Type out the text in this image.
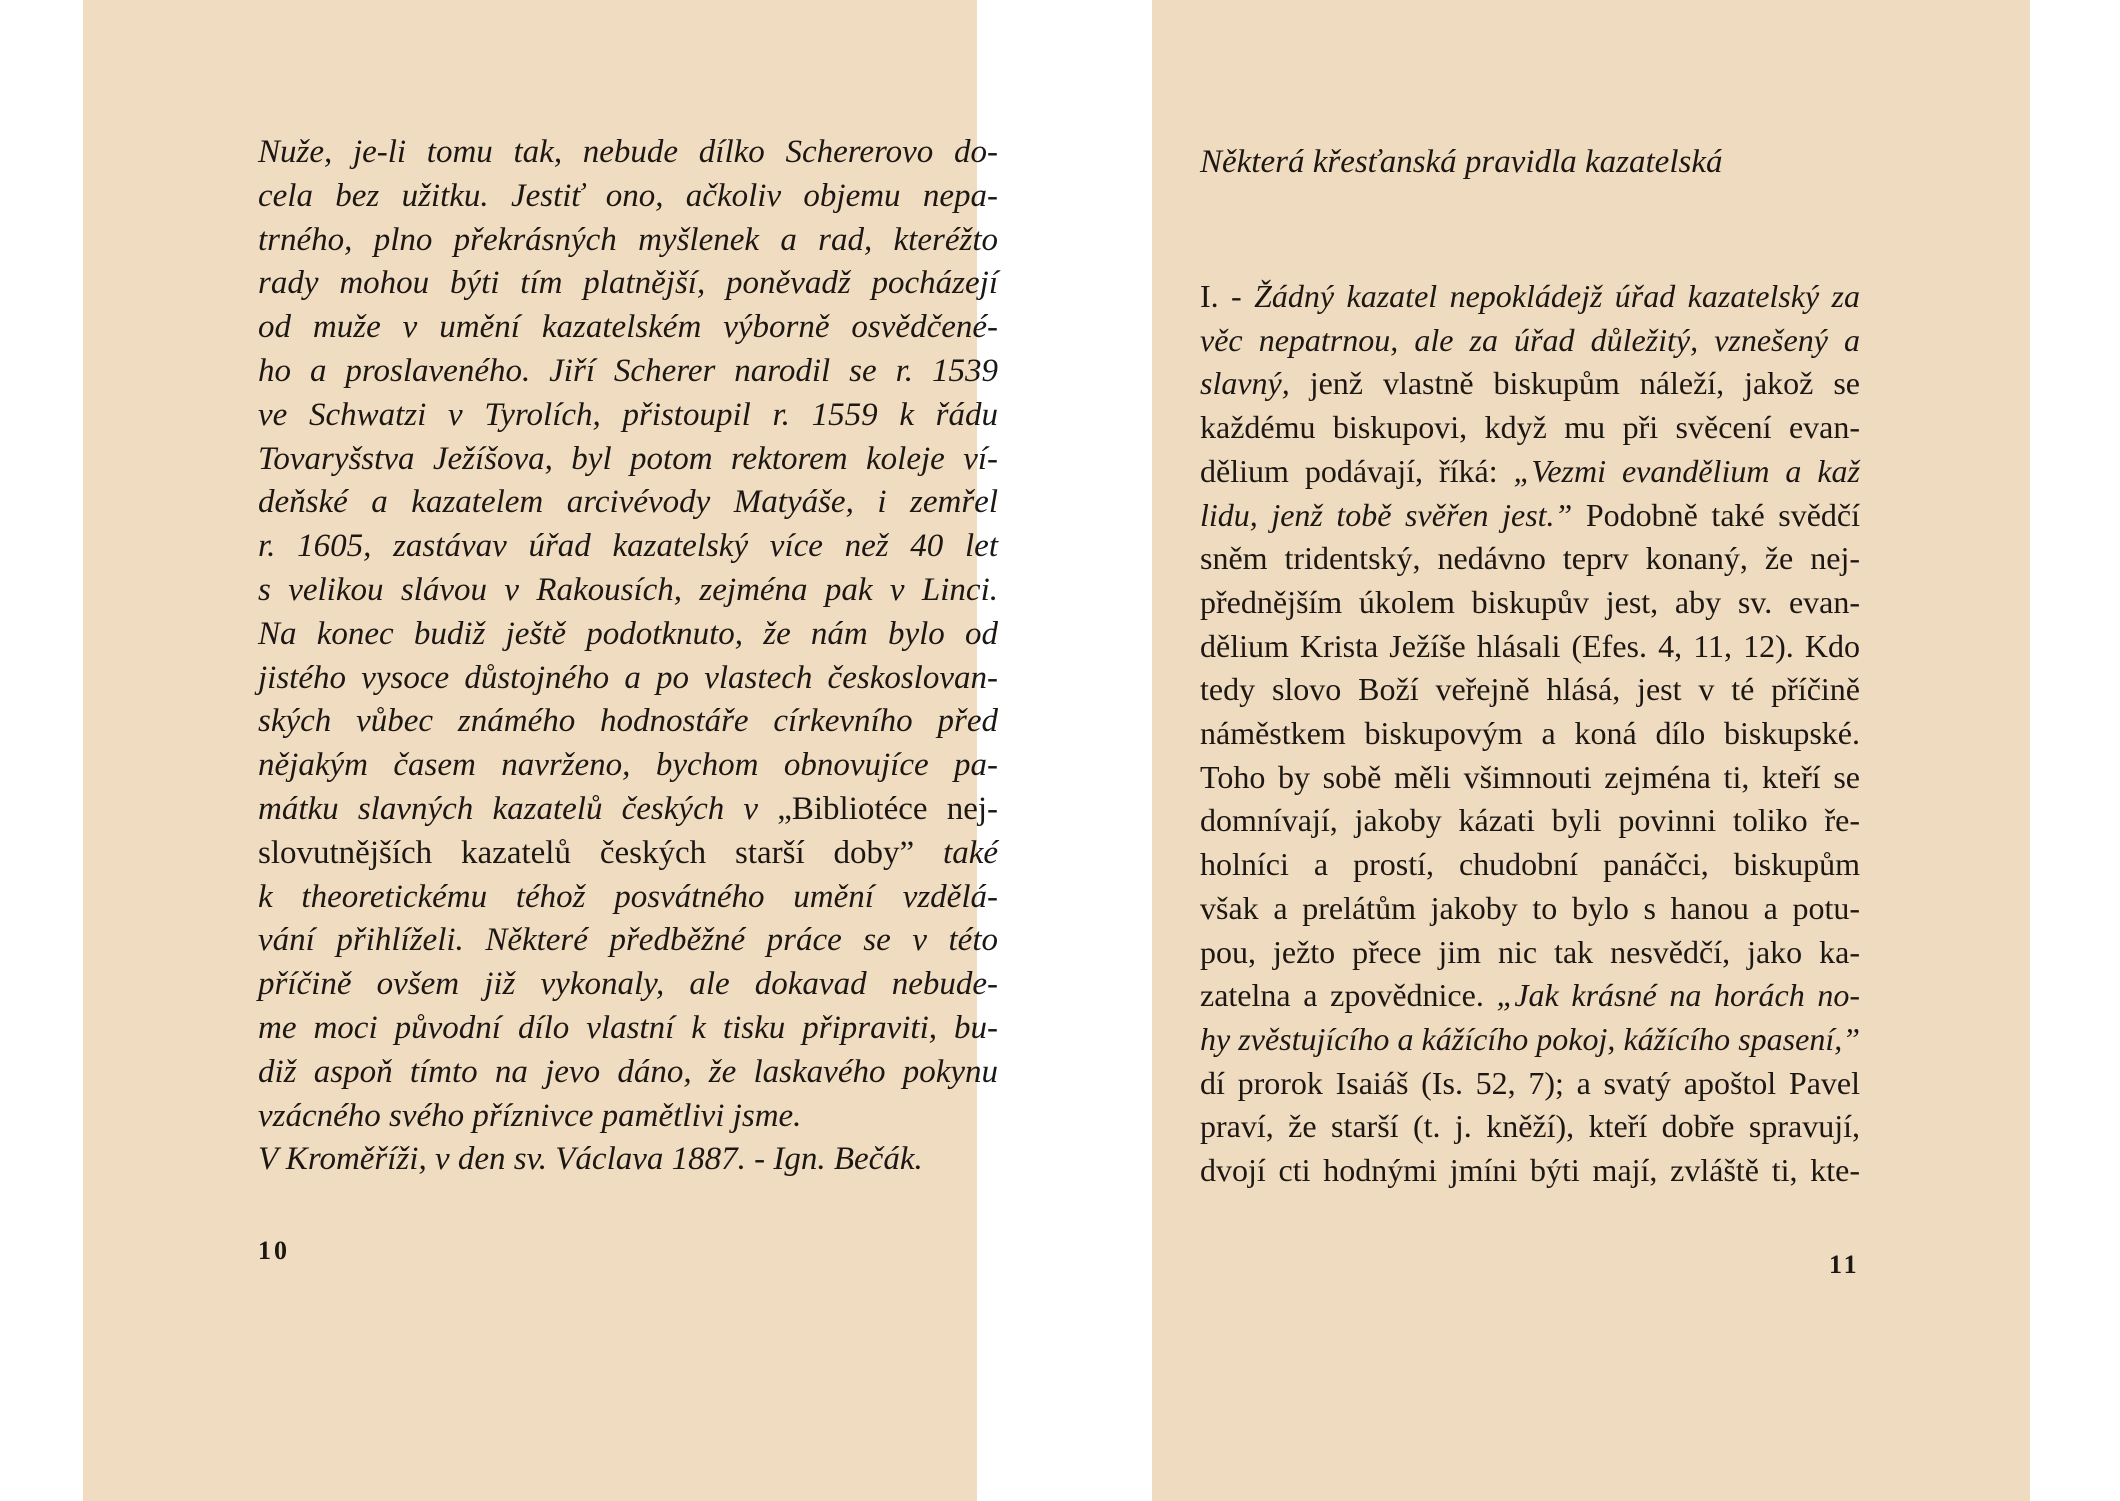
Nuže, je-li tomu tak, nebude dílko Schererovo do-
cela bez užitku. Jestiť ono, ačkoliv objemu nepa-
trného, plno překrásných myšlenek a rad, kteréžto
rady mohou býti tím platnější, poněvadž pocházejí
od muže v umění kazatelském výborně osvědčené-
ho a proslaveného. Jiří Scherer narodil se r. 1539
ve Schwatzi v Tyrolích, přistoupil r. 1559 k řádu
Tovaryšstva Ježíšova, byl potom rektorem koleje ví-
deňské a kazatelem arcivévody Matyáše, i zemřel
r. 1605, zastávav úřad kazatelský více než 40 let
s velikou slávou v Rakousích, zejména pak v Linci.
Na konec budiž ještě podotknuto, že nám bylo od
jistého vysoce důstojného a po vlastech českoslovan-
ských vůbec známého hodnostáře církevního před
nějakým časem navrženo, bychom obnovujíce pa-
mátku slavných kazatelů českých v „Bibliotéce nej-
slovutnějších kazatelů českých starší doby” také
k theoretickému téhož posvátného umění vzdělá-
vání přihlíželi. Některé předběžné práce se v této
příčině ovšem již vykonaly, ale dokavad nebude-
me moci původní dílo vlastní k tisku připraviti, bu-
diž aspoň tímto na jevo dáno, že laskavého pokynu
vzácného svého příznivce pamětlivi jsme.
V Kroměříži, v den sv. Václava 1887. - Ign. Bečák.
10
Některá křesťanská pravidla kazatelská
I. - Žádný kazatel nepokládejž úřad kazatelský za
věc nepatrnou, ale za úřad důležitý, vznešený a
slavný, jenž vlastně biskupům náleží, jakož se
každému biskupovi, když mu při svěcení evan-
dělium podávají, říká: „Vezmi evandělium a kaž
lidu, jenž tobě svěřen jest.” Podobně také svědčí
sněm tridentský, nedávno teprv konaný, že nej-
přednějším úkolem biskupův jest, aby sv. evan-
dělium Krista Ježíše hlásali (Efes. 4, 11, 12). Kdo
tedy slovo Boží veřejně hlásá, jest v té příčině
náměstkem biskupovým a koná dílo biskupské.
Toho by sobě měli všimnouti zejména ti, kteří se
domnívají, jakoby kázati byli povinni toliko ře-
holníci a prostí, chudobní panáčci, biskupům
však a prelátům jakoby to bylo s hanou a potu-
pou, ježto přece jim nic tak nesvědčí, jako ka-
zatelna a zpovědnice. „Jak krásné na horách no-
hy zvěstujícího a kážícího pokoj, kážícího spasení,”
dí prorok Isaiáš (Is. 52, 7); a svatý apoštol Pavel
praví, že starší (t. j. kněží), kteří dobře spravují,
dvojí cti hodnými jmíni býti mají, zvláště ti, kte-
11
